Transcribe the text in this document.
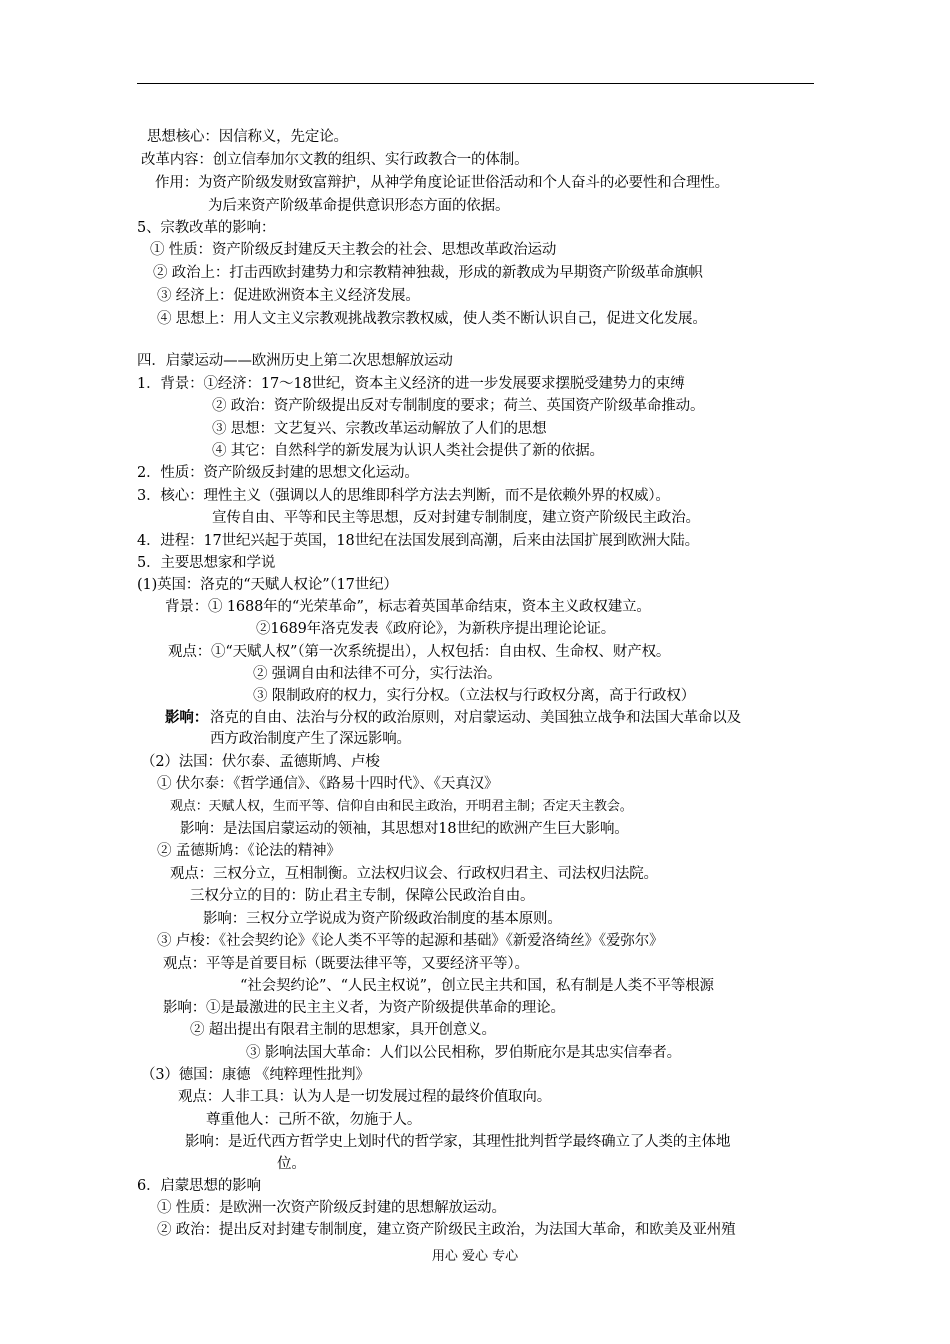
思想核心：因信称义，先定论。
改革内容：创立信奉加尔文教的组织、实行政教合一的体制。
作用：为资产阶级发财致富辩护，从神学角度论证世俗活动和个人奋斗的必要性和合理性。
为后来资产阶级革命提供意识形态方面的依据。
5、宗教改革的影响：
① 性质：资产阶级反封建反天主教会的社会、思想改革政治运动
② 政治上：打击西欧封建势力和宗教精神独裁，形成的新教成为早期资产阶级革命旗帜
③ 经济上：促进欧洲资本主义经济发展。
④ 思想上：用人文主义宗教观挑战教宗教权威，使人类不断认识自己，促进文化发展。
四．启蒙运动——欧洲历史上第二次思想解放运动
1．背景：①经济：17～18世纪，资本主义经济的进一步发展要求摆脱受建势力的束缚
② 政治：资产阶级提出反对专制制度的要求；荷兰、英国资产阶级革命推动。
③ 思想：文艺复兴、宗教改革运动解放了人们的思想
④ 其它：自然科学的新发展为认识人类社会提供了新的依据。
2．性质：资产阶级反封建的思想文化运动。
3．核心：理性主义（强调以人的思维即科学方法去判断，而不是依赖外界的权威）。
宣传自由、平等和民主等思想，反对封建专制制度，建立资产阶级民主政治。
4．进程：17世纪兴起于英国，18世纪在法国发展到高潮，后来由法国扩展到欧洲大陆。
5．主要思想家和学说
(1)英国：洛克的“天赋人权论”（17世纪）
背景：① 1688年的“光荣革命”，标志着英国革命结束，资本主义政权建立。
②1689年洛克发表《政府论》，为新秩序提出理论论证。
观点：①“天赋人权”（第一次系统提出），人权包括：自由权、生命权、财产权。
② 强调自由和法律不可分，实行法治。
③ 限制政府的权力，实行分权。（立法权与行政权分离，高于行政权）
影响： 洛克的自由、法治与分权的政治原则，对启蒙运动、美国独立战争和法国大革命以及
西方政治制度产生了深远影响。
（2）法国：伏尔泰、孟德斯鸠、卢梭
① 伏尔泰：《哲学通信》、《路易十四时代》、《天真汉》
观点：天赋人权，生而平等、信仰自由和民主政治，开明君主制；否定天主教会。
影响：是法国启蒙运动的领袖，其思想对18世纪的欧洲产生巨大影响。
② 孟德斯鸠：《论法的精神》
观点：三权分立，互相制衡。立法权归议会、行政权归君主、司法权归法院。
三权分立的目的：防止君主专制，保障公民政治自由。
影响：三权分立学说成为资产阶级政治制度的基本原则。
③ 卢梭：《社会契约论》《论人类不平等的起源和基础》《新爱洛绮丝》《爱弥尔》
观点：平等是首要目标（既要法律平等，又要经济平等）。
“社会契约论”、“人民主权说”，创立民主共和国，私有制是人类不平等根源
影响：①是最激进的民主主义者，为资产阶级提供革命的理论。
② 超出提出有限君主制的思想家，具开创意义。
③ 影响法国大革命：人们以公民相称，罗伯斯庇尔是其忠实信奉者。
（3）德国：康德 《纯粹理性批判》
观点：人非工具：认为人是一切发展过程的最终价值取向。
尊重他人：己所不欲，勿施于人。
影响：是近代西方哲学史上划时代的哲学家，其理性批判哲学最终确立了人类的主体地
位。
6．启蒙思想的影响
① 性质：是欧洲一次资产阶级反封建的思想解放运动。
② 政治：提出反对封建专制制度，建立资产阶级民主政治，为法国大革命，和欧美及亚州殖
用心 爱心 专心
